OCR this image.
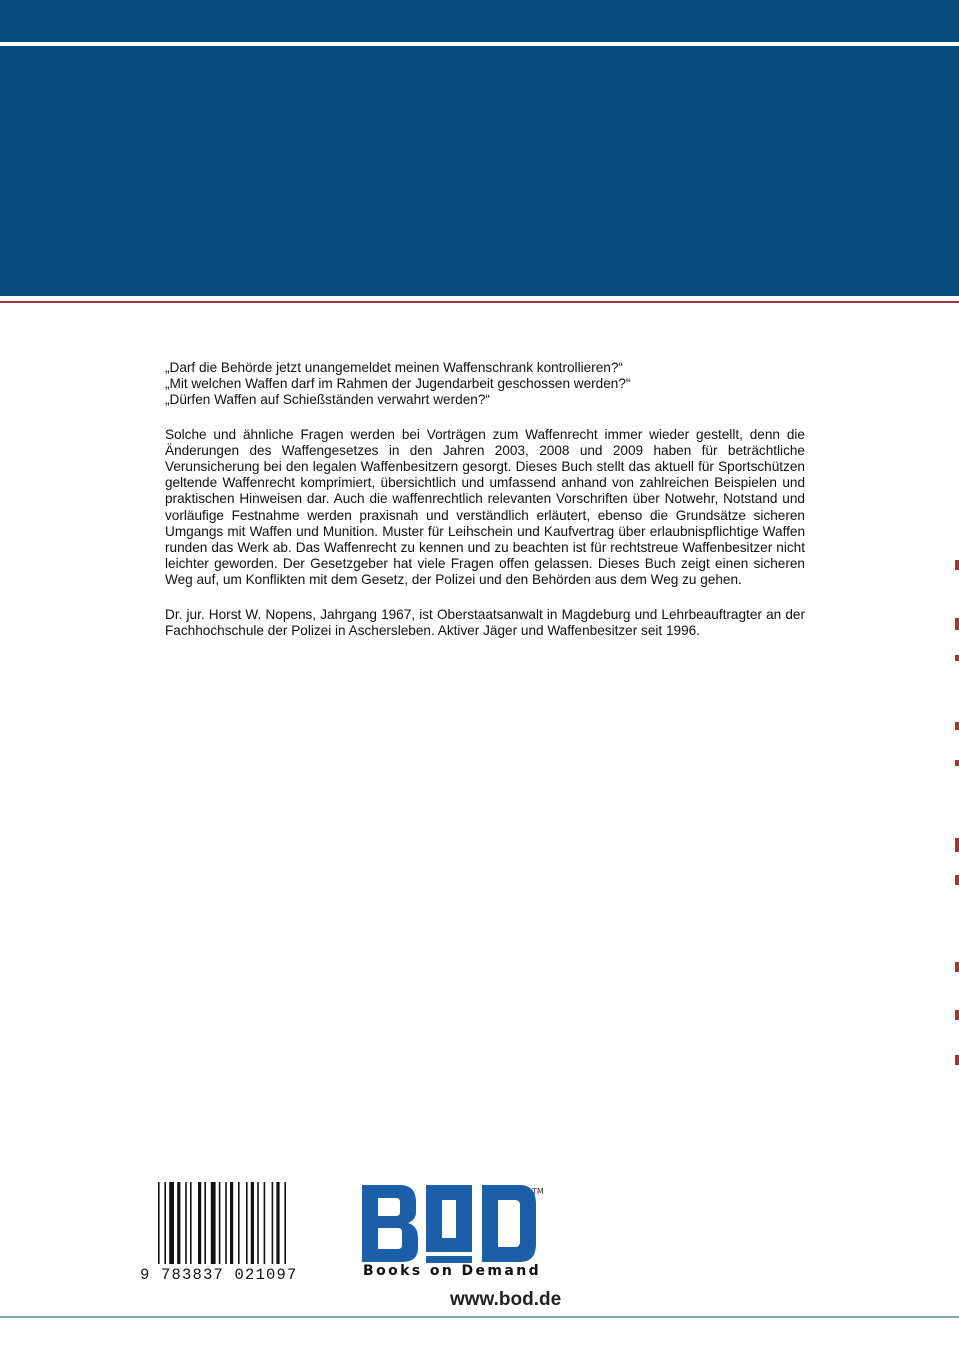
„Darf die Behörde jetzt unangemeldet meinen Waffenschrank kontrollieren?“

„Mit welchen Waffen darf im Rahmen der Jugendarbeit geschossen werden?“

„Dürfen Waffen auf Schießständen verwahrt werden?“

Solche und ähnliche Fragen werden bei Vorträgen zum Waffenrecht immer wieder gestellt, denn die Änderungen des Waffengesetzes in den Jahren 2003, 2008 und 2009 haben für beträchtliche Verunsicherung bei den legalen Waffenbesitzern gesorgt. Dieses Buch stellt das aktuell für Sportschützen geltende Waffenrecht komprimiert, übersichtlich und umfassend anhand von zahlreichen Beispielen und praktischen Hinweisen dar. Auch die waffenrechtlich relevanten Vorschriften über Notwehr, Notstand und vorläufige Festnahme werden praxisnah und verständlich erläutert, ebenso die Grundsätze sicheren Umgangs mit Waffen und Munition. Muster für Leihschein und Kaufvertrag über erlaubnispflichtige Waffen runden das Werk ab. Das Waffenrecht zu kennen und zu beachten ist für rechtstreue Waffenbesitzer nicht leichter geworden. Der Gesetzgeber hat viele Fragen offen gelassen. Dieses Buch zeigt einen sicheren Weg auf, um Konflikten mit dem Gesetz, der Polizei und den Behörden aus dem Weg zu gehen.

Dr. jur. Horst W. Nopens, Jahrgang 1967, ist Oberstaatsanwalt in Magdeburg und Lehrbeauftragter an der Fachhochschule der Polizei in Aschersleben. Aktiver Jäger und Waffenbesitzer seit 1996.

9 783837 021097
TM
Books on Demand
www.bod.de
